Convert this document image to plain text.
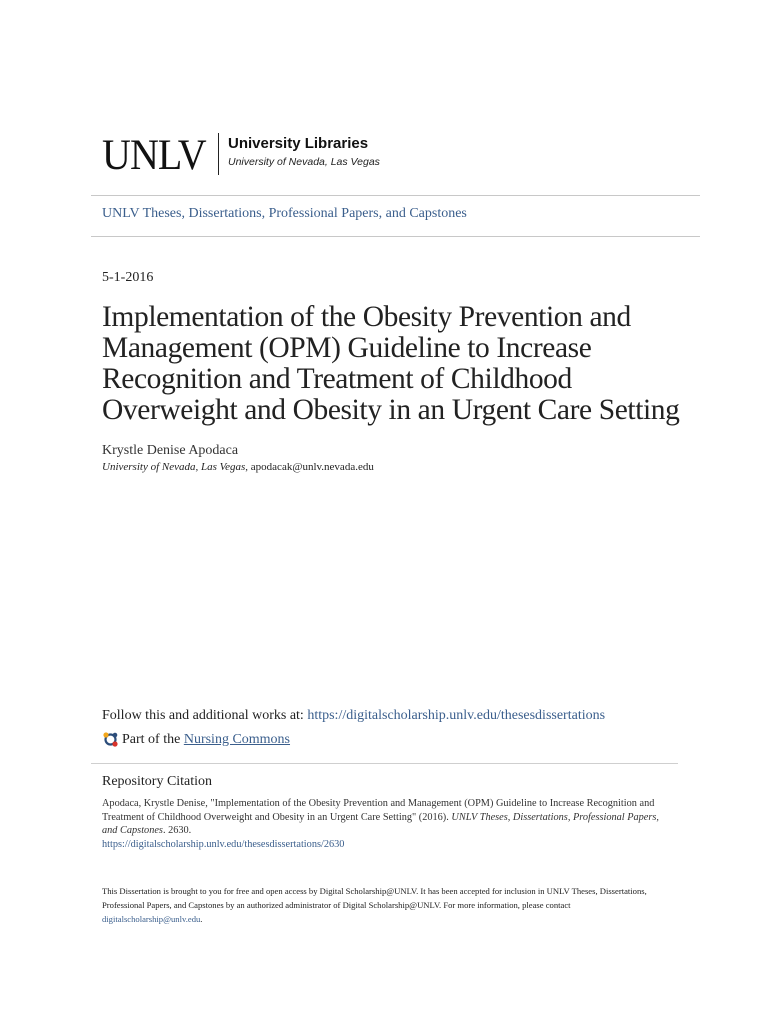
UNLV University Libraries
University of Nevada, Las Vegas
UNLV Theses, Dissertations, Professional Papers, and Capstones
5-1-2016
Implementation of the Obesity Prevention and Management (OPM) Guideline to Increase Recognition and Treatment of Childhood Overweight and Obesity in an Urgent Care Setting
Krystle Denise Apodaca
University of Nevada, Las Vegas, apodacak@unlv.nevada.edu
Follow this and additional works at: https://digitalscholarship.unlv.edu/thesesdissertations
Part of the
Nursing Commons
Repository Citation
Apodaca, Krystle Denise, "Implementation of the Obesity Prevention and Management (OPM) Guideline to Increase Recognition and Treatment of Childhood Overweight and Obesity in an Urgent Care Setting" (2016). UNLV Theses, Dissertations, Professional Papers, and Capstones. 2630.
https://digitalscholarship.unlv.edu/thesesdissertations/2630
This Dissertation is brought to you for free and open access by Digital Scholarship@UNLV. It has been accepted for inclusion in UNLV Theses, Dissertations, Professional Papers, and Capstones by an authorized administrator of Digital Scholarship@UNLV. For more information, please contact
digitalscholarship@unlv.edu.
